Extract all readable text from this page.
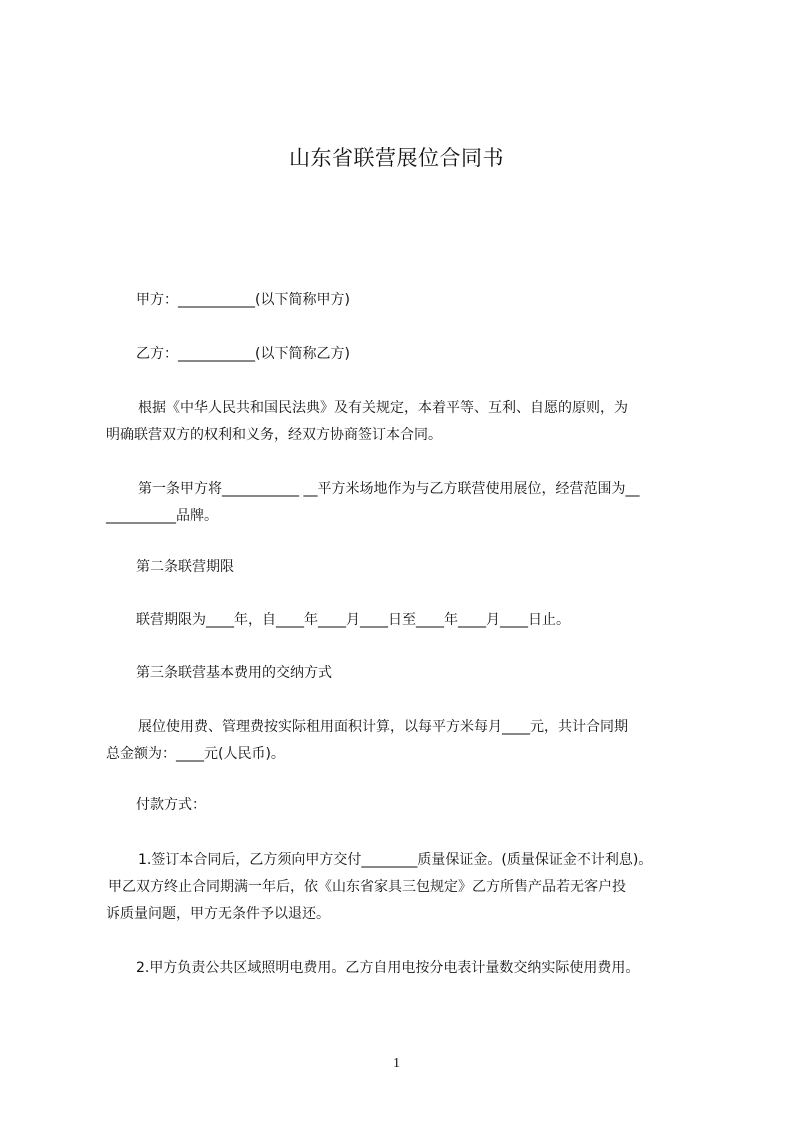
山东省联营展位合同书
甲方：___________(以下简称甲方)
乙方：___________(以下简称乙方)
根据《中华人民共和国民法典》及有关规定，本着平等、互利、自愿的原则，为
明确联营双方的权利和义务，经双方协商签订本合同。
第一条甲方将___________ __平方米场地作为与乙方联营使用展位，经营范围为__
__________品牌。
第二条联营期限
联营期限为____年，自____年____月____日至____年____月____日止。
第三条联营基本费用的交纳方式
展位使用费、管理费按实际租用面积计算，以每平方米每月____元，共计合同期
总金额为：____元(人民币)。
付款方式：
1.签订本合同后，乙方须向甲方交付________质量保证金。(质量保证金不计利息)。
甲乙双方终止合同期满一年后，依《山东省家具三包规定》乙方所售产品若无客户投
诉质量问题，甲方无条件予以退还。
2.甲方负责公共区域照明电费用。乙方自用电按分电表计量数交纳实际使用费用。
1
